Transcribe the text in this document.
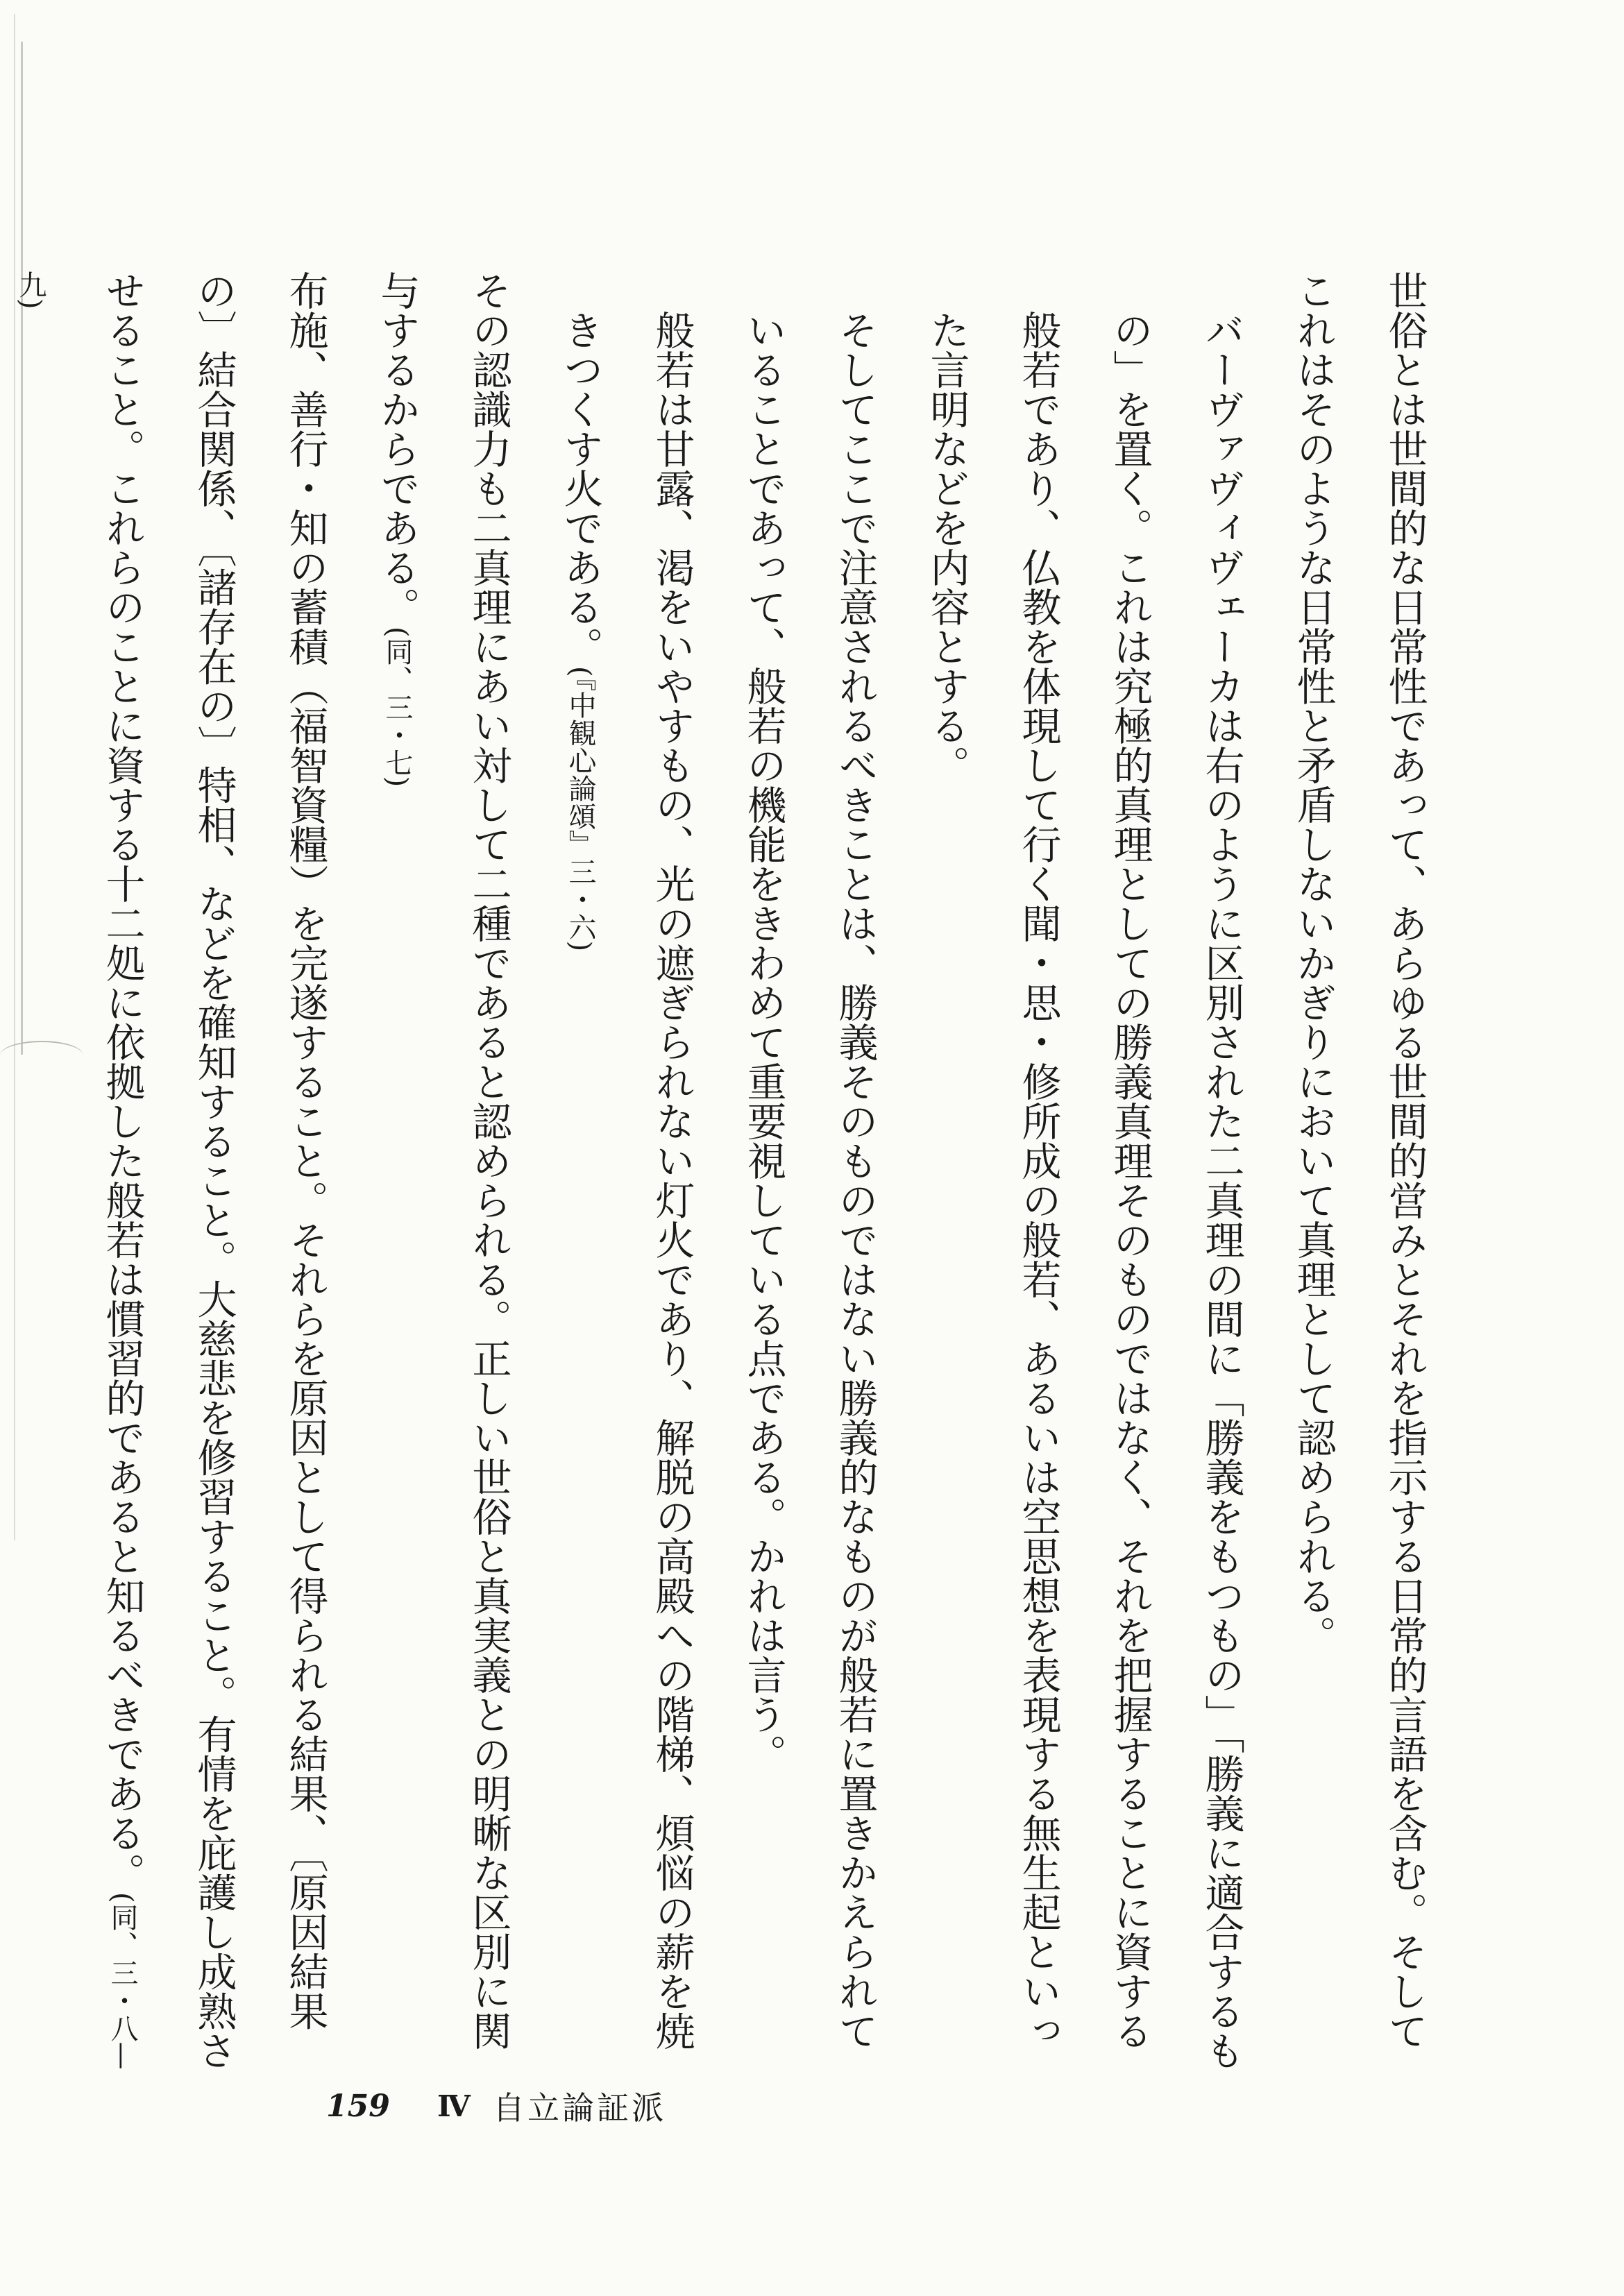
世俗とは世間的な日常性であって、あらゆる世間的営みとそれを指示する日常的言語を含む。そしてこれはそのような日常性と矛盾しないかぎりにおいて真理として認められる。

バーヴァヴィヴェーカは右のように区別された二真理の間に「勝義をもつもの」「勝義に適合するもの」を置く。これは究極的真理としての勝義真理そのものではなく、それを把握することに資する般若であり、仏教を体現して行く聞・思・修所成の般若、あるいは空思想を表現する無生起といった言明などを内容とする。

そしてここで注意されるべきことは、勝義そのものではない勝義的なものが般若に置きかえられていることであって、般若の機能をきわめて重要視している点である。かれは言う。

般若は甘露、渇をいやすもの、光の遮ぎられない灯火であり、解脱の高殿への階梯、煩悩の薪を焼きつくす火である。(『中観心論頌』三・六)

その認識力も二真理にあい対して二種であると認められる。正しい世俗と真実義との明晰な区別に関与するからである。(同、三・七)

布施、善行・知の蓄積（福智資糧）を完遂すること。それらを原因として得られる結果、〔原因結果の〕結合関係、〔諸存在の〕特相、などを確知すること。大慈悲を修習すること。有情を庇護し成熟させること。これらのことに資する十二処に依拠した般若は慣習的であると知るべきである。(同、三・八—九)

159	Ⅳ 自立論証派
